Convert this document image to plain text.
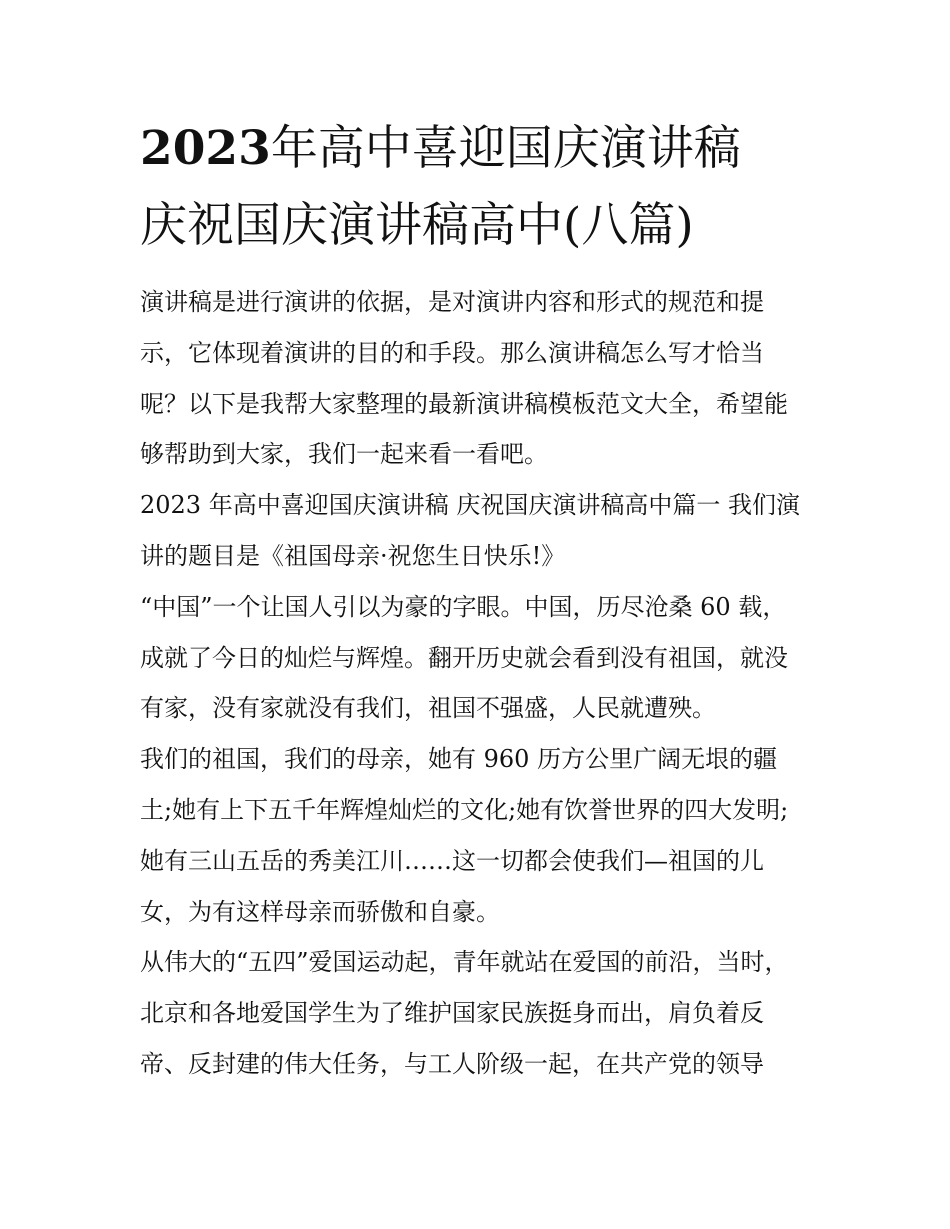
2023年高中喜迎国庆演讲稿
庆祝国庆演讲稿高中(八篇)
演讲稿是进行演讲的依据，是对演讲内容和形式的规范和提
示，它体现着演讲的目的和手段。那么演讲稿怎么写才恰当
呢？以下是我帮大家整理的最新演讲稿模板范文大全，希望能
够帮助到大家，我们一起来看一看吧。
2023 年高中喜迎国庆演讲稿 庆祝国庆演讲稿高中篇一 我们演
讲的题目是《祖国母亲·祝您生日快乐!》
“中国”一个让国人引以为豪的字眼。中国，历尽沧桑 60 载，
成就了今日的灿烂与辉煌。翻开历史就会看到没有祖国，就没
有家，没有家就没有我们，祖国不强盛，人民就遭殃。
我们的祖国，我们的母亲，她有 960 历方公里广阔无垠的疆
土;她有上下五千年辉煌灿烂的文化;她有饮誉世界的四大发明;
她有三山五岳的秀美江川……这一切都会使我们—祖国的儿
女，为有这样母亲而骄傲和自豪。
从伟大的“五四”爱国运动起，青年就站在爱国的前沿，当时，
北京和各地爱国学生为了维护国家民族挺身而出，肩负着反
帝、反封建的伟大任务，与工人阶级一起，在共产党的领导
